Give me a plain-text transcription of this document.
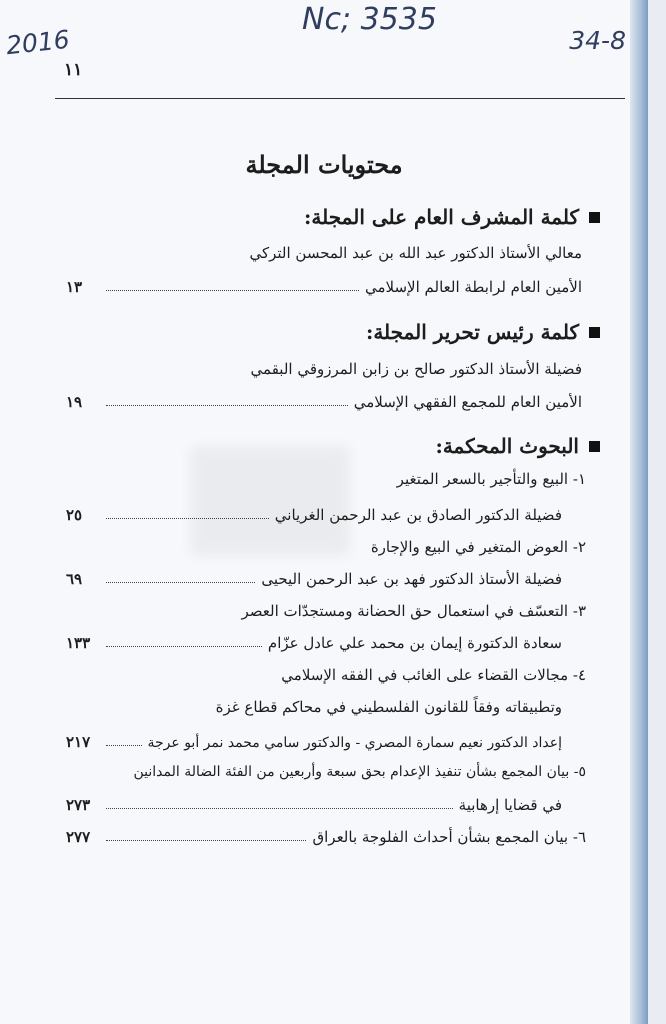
2016
Nc; 3535
34-8
١١
محتويات المجلة
كلمة المشرف العام على المجلة:
معالي الأستاذ الدكتور عبد الله بن عبد المحسن التركي
الأمين العام لرابطة العالم الإسلامي
١٣
كلمة رئيس تحرير المجلة:
فضيلة الأستاذ الدكتور صالح بن زابن المرزوقي البقمي
الأمين العام للمجمع الفقهي الإسلامي
١٩
البحوث المحكمة:
١- البيع والتأجير بالسعر المتغير
فضيلة الدكتور الصادق بن عبد الرحمن الغرياني
٢٥
٢- العوض المتغير في البيع والإجارة
فضيلة الأستاذ الدكتور فهد بن عبد الرحمن اليحيى
٦٩
٣- التعسّف في استعمال حق الحضانة ومستجدّات العصر
سعادة الدكتورة إيمان بن محمد علي عادل عزّام
١٣٣
٤- مجالات القضاء على الغائب في الفقه الإسلامي
وتطبيقاته وفقاً للقانون الفلسطيني في محاكم قطاع غزة
إعداد الدكتور نعيم سمارة المصري - والدكتور سامي محمد نمر أبو عرجة
٢١٧
٥- بيان المجمع بشأن تنفيذ الإعدام بحق سبعة وأربعين من الفئة الضالة المدانين
في قضايا إرهابية
٢٧٣
٦- بيان المجمع بشأن أحداث الفلوجة بالعراق
٢٧٧
